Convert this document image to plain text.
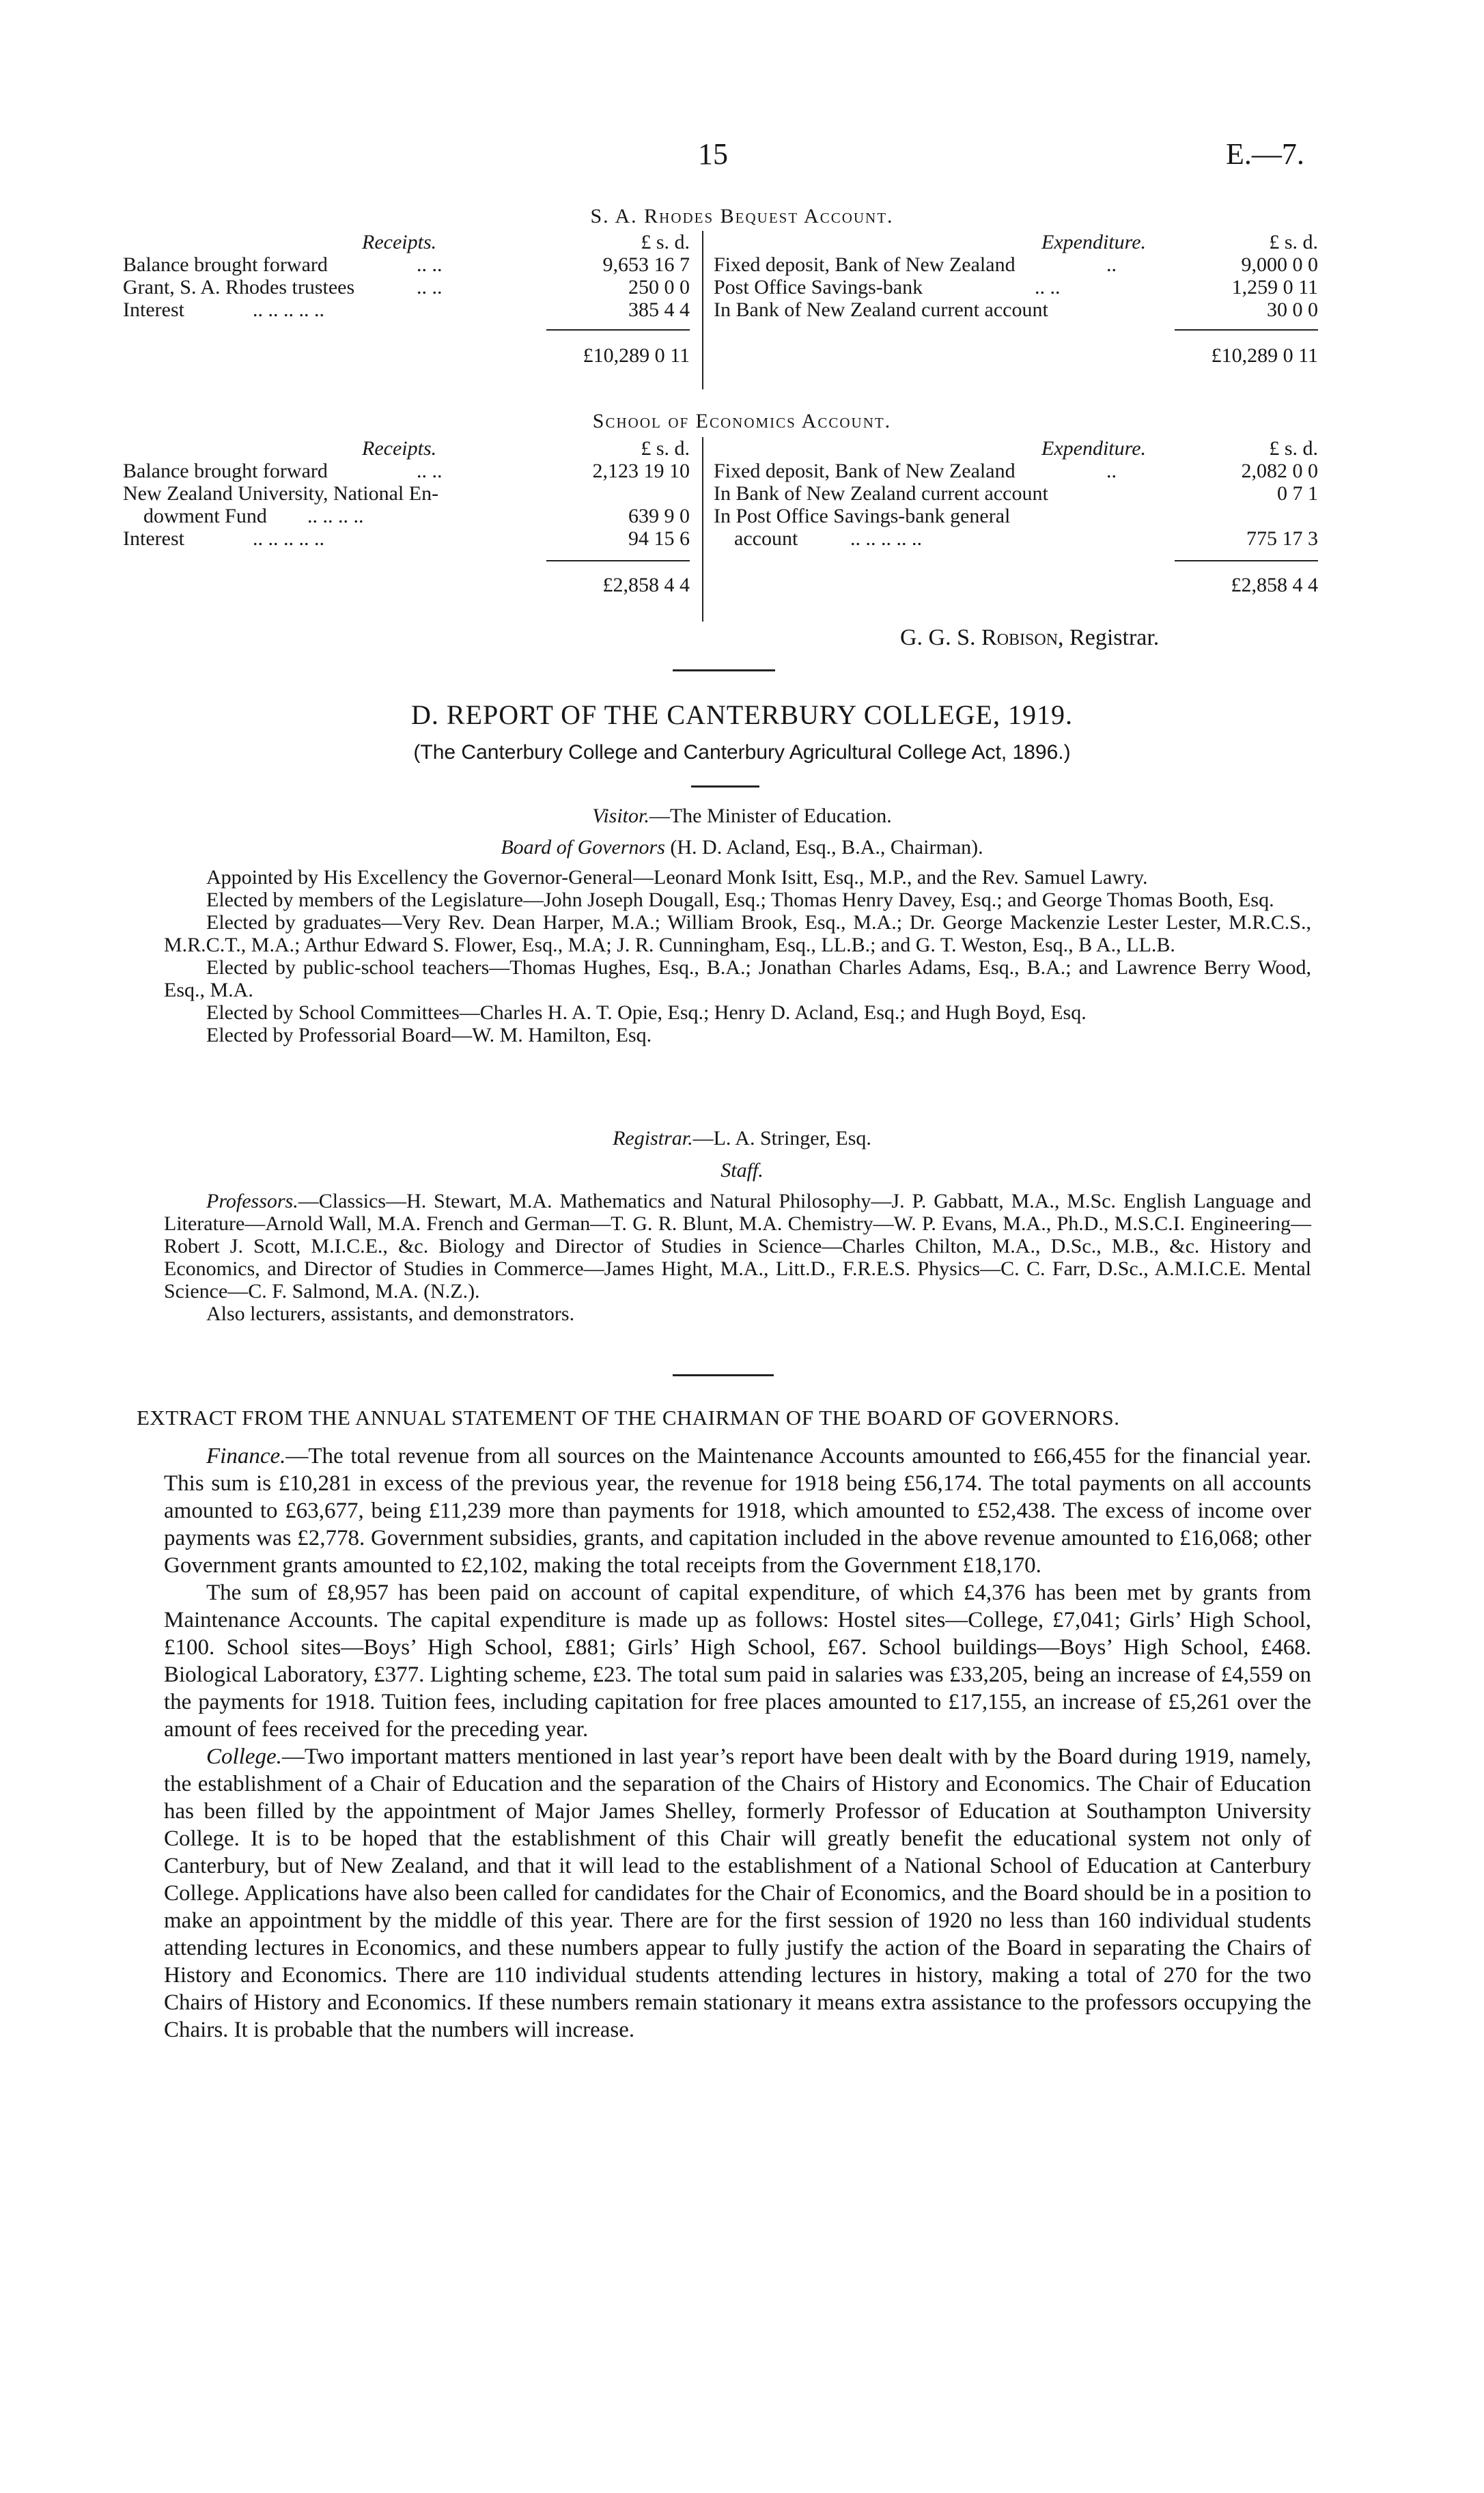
15	E.—7.
S. A. Rhodes Bequest Account.
Receipts.	£ s. d.
Balance brought forward	.. ..	9,653 16 7
Grant, S. A. Rhodes trustees	.. ..	250 0 0
Interest	.. .. .. .. ..	385 4 4
£10,289 0 11
Expenditure.	£ s. d.
Fixed deposit, Bank of New Zealand	..	9,000 0 0
Post Office Savings-bank	.. ..	1,259 0 11
In Bank of New Zealand current account	30 0 0
£10,289 0 11
School of Economics Account.
Receipts.	£ s. d.
Balance brought forward	.. ..	2,123 19 10
New Zealand University, National En-
dowment Fund .. .. .. ..	639 9 0
Interest	.. .. .. .. ..	94 15 6
£2,858 4 4
Expenditure.	£ s. d.
Fixed deposit, Bank of New Zealand	..	2,082 0 0
In Bank of New Zealand current account	0 7 1
In Post Office Savings-bank general
account	.. .. .. .. ..	775 17 3
£2,858 4 4
G. G. S. Robison, Registrar.
D. REPORT OF THE CANTERBURY COLLEGE, 1919.
(The Canterbury College and Canterbury Agricultural College Act, 1896.)
Visitor.—The Minister of Education.
Board of Governors (H. D. Acland, Esq., B.A., Chairman).
Appointed by His Excellency the Governor-General—Leonard Monk Isitt, Esq., M.P., and the Rev. Samuel Lawry.
Elected by members of the Legislature—John Joseph Dougall, Esq.; Thomas Henry Davey, Esq.; and George Thomas Booth, Esq.
Elected by graduates—Very Rev. Dean Harper, M.A.; William Brook, Esq., M.A.; Dr. George Mackenzie Lester Lester, M.R.C.S., M.R.C.T., M.A.; Arthur Edward S. Flower, Esq., M.A; J. R. Cunningham, Esq., LL.B.; and G. T. Weston, Esq., B A., LL.B.
Elected by public-school teachers—Thomas Hughes, Esq., B.A.; Jonathan Charles Adams, Esq., B.A.; and Lawrence Berry Wood, Esq., M.A.
Elected by School Committees—Charles H. A. T. Opie, Esq.; Henry D. Acland, Esq.; and Hugh Boyd, Esq.
Elected by Professorial Board—W. M. Hamilton, Esq.
Registrar.—L. A. Stringer, Esq.
Staff.
Professors.—Classics—H. Stewart, M.A. Mathematics and Natural Philosophy—J. P. Gabbatt, M.A., M.Sc. English Language and Literature—Arnold Wall, M.A. French and German—T. G. R. Blunt, M.A. Chemistry—W. P. Evans, M.A., Ph.D., M.S.C.I. Engineering—Robert J. Scott, M.I.C.E., &c. Biology and Director of Studies in Science—Charles Chilton, M.A., D.Sc., M.B., &c. History and Economics, and Director of Studies in Commerce—James Hight, M.A., Litt.D., F.R.E.S. Physics—C. C. Farr, D.Sc., A.M.I.C.E. Mental Science—C. F. Salmond, M.A. (N.Z.).
Also lecturers, assistants, and demonstrators.
EXTRACT FROM THE ANNUAL STATEMENT OF THE CHAIRMAN OF THE BOARD OF GOVERNORS.
Finance.—The total revenue from all sources on the Maintenance Accounts amounted to £66,455 for the financial year. This sum is £10,281 in excess of the previous year, the revenue for 1918 being £56,174. The total payments on all accounts amounted to £63,677, being £11,239 more than payments for 1918, which amounted to £52,438. The excess of income over payments was £2,778. Government subsidies, grants, and capitation included in the above revenue amounted to £16,068; other Government grants amounted to £2,102, making the total receipts from the Government £18,170.
The sum of £8,957 has been paid on account of capital expenditure, of which £4,376 has been met by grants from Maintenance Accounts. The capital expenditure is made up as follows: Hostel sites—College, £7,041; Girls’ High School, £100. School sites—Boys’ High School, £881; Girls’ High School, £67. School buildings—Boys’ High School, £468. Biological Laboratory, £377. Lighting scheme, £23. The total sum paid in salaries was £33,205, being an increase of £4,559 on the payments for 1918. Tuition fees, including capitation for free places amounted to £17,155, an increase of £5,261 over the amount of fees received for the preceding year.
College.—Two important matters mentioned in last year’s report have been dealt with by the Board during 1919, namely, the establishment of a Chair of Education and the separation of the Chairs of History and Economics. The Chair of Education has been filled by the appointment of Major James Shelley, formerly Professor of Education at Southampton University College. It is to be hoped that the establishment of this Chair will greatly benefit the educational system not only of Canterbury, but of New Zealand, and that it will lead to the establishment of a National School of Education at Canterbury College. Applications have also been called for candidates for the Chair of Economics, and the Board should be in a position to make an appointment by the middle of this year. There are for the first session of 1920 no less than 160 individual students attending lectures in Economics, and these numbers appear to fully justify the action of the Board in separating the Chairs of History and Economics. There are 110 individual students attending lectures in history, making a total of 270 for the two Chairs of History and Economics. If these numbers remain stationary it means extra assistance to the professors occupying the Chairs. It is probable that the numbers will increase.
